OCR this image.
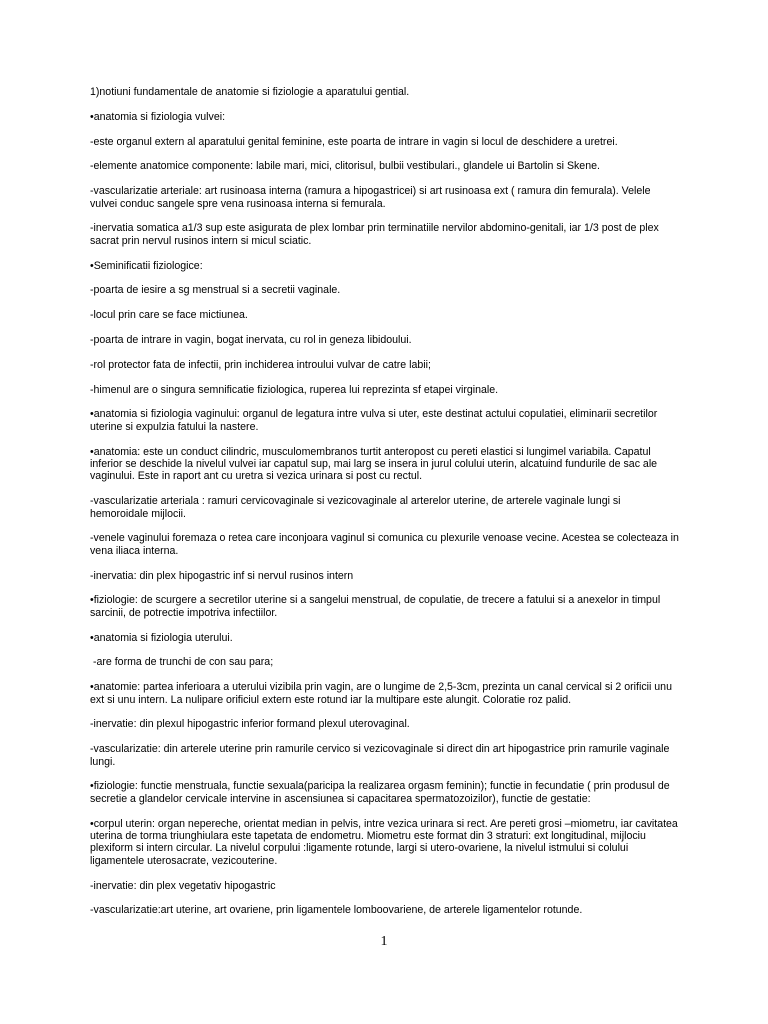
1)notiuni fundamentale de anatomie si fiziologie a aparatului gential.

•anatomia si fiziologia vulvei:

-este organul extern al aparatului genital feminine, este poarta de intrare in vagin si locul de deschidere a uretrei.

-elemente anatomice componente: labile mari, mici, clitorisul, bulbii vestibulari., glandele ui Bartolin si Skene.

-vascularizatie arteriale: art rusinoasa interna (ramura a hipogastricei) si art rusinoasa ext ( ramura din femurala). Velele vulvei conduc sangele spre vena rusinoasa interna si femurala.

-inervatia somatica a1/3 sup este asigurata de plex lombar prin terminatiile nervilor abdomino-genitali, iar 1/3 post de plex sacrat prin nervul rusinos intern si micul sciatic.

•Seminificatii fiziologice:

-poarta de iesire a sg menstrual si a secretii vaginale.

-locul prin care se face mictiunea.

-poarta de intrare in vagin, bogat inervata, cu rol in geneza libidoului.

-rol protector fata de infectii, prin inchiderea introului vulvar de catre labii;

-himenul are o singura semnificatie fiziologica, ruperea lui reprezinta sf etapei virginale.

•anatomia si fiziologia vaginului: organul de legatura intre vulva si uter, este destinat actului copulatiei, eliminarii secretilor uterine si expulzia fatului la nastere.

•anatomia: este un conduct cilindric, musculomembranos turtit anteropost cu pereti elastici si lungimel variabila. Capatul inferior se deschide la nivelul vulvei iar capatul sup, mai larg se insera in jurul colului uterin, alcatuind fundurile de sac ale vaginului. Este in raport ant cu uretra si vezica urinara si post cu rectul.

-vascularizatie arteriala : ramuri cervicovaginale si vezicovaginale al arterelor uterine, de arterele vaginale lungi si hemoroidale mijlocii.

-venele vaginului foremaza o retea care inconjoara vaginul si comunica cu plexurile venoase vecine. Acestea se colecteaza in vena iliaca interna.

-inervatia: din plex hipogastric inf si nervul rusinos intern

•fiziologie: de scurgere a secretilor uterine si a sangelui menstrual, de copulatie, de trecere a fatului si a anexelor in timpul sarcinii, de potrectie impotriva infectiilor.

•anatomia si fiziologia uterului.

-are forma de trunchi de con sau para;

•anatomie: partea inferioara a uterului vizibila prin vagin, are o lungime de 2,5-3cm, prezinta un canal cervical si 2 orificii unu ext si unu intern. La nulipare orificiul extern este rotund iar la multipare este alungit. Coloratie roz palid.

-inervatie: din plexul hipogastric inferior formand plexul uterovaginal.

-vascularizatie: din arterele uterine prin ramurile cervico si vezicovaginale si direct din art hipogastrice prin ramurile vaginale lungi.

•fiziologie: functie menstruala, functie sexuala(paricipa la realizarea orgasm feminin); functie in fecundatie ( prin produsul de secretie a glandelor cervicale intervine in ascensiunea si capacitarea spermatozoizilor), functie de gestatie:

•corpul uterin: organ nepereche, orientat median in pelvis, intre vezica urinara si rect. Are pereti grosi –miometru, iar cavitatea uterina de torma triunghiulara este tapetata de endometru. Miometru este format din 3 straturi: ext longitudinal, mijlociu plexiform si intern circular. La nivelul corpului :ligamente rotunde, largi si utero-ovariene, la nivelul istmului si colului ligamentele uterosacrate, vezicouterine.

-inervatie: din plex vegetativ hipogastric

-vascularizatie:art uterine, art ovariene, prin ligamentele lomboovariene, de arterele ligamentelor rotunde.

1
